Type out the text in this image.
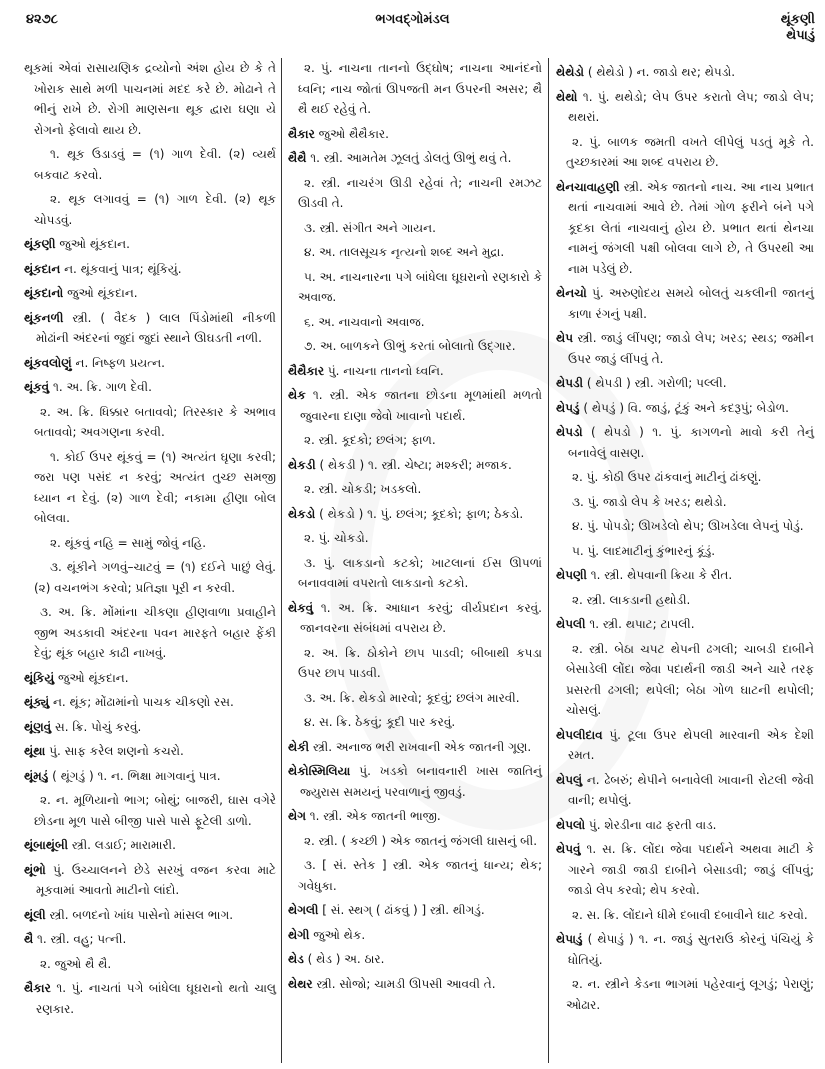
૪૨૭૮	ભગવદ્ગોમંડલ	થૂંકણી
થેપાડું
થૂકમાં એવાં રાસાયણિક દ્રવ્યોનો અંશ હોય છે કે તે ખોરાક સાથે મળી પાચનમાં મદદ કરે છે. મોઢાને તે ભીનું રાખે છે. રોગી માણસના થૂક દ્વારા ઘણા યે રોગનો ફેલાવો થાય છે.
૧. થૂક ઉડાડવું = (૧) ગાળ દેવી. (૨) વ્યર્થ બકવાટ કરવો.
૨. થૂક લગાવવું = (૧) ગાળ દેવી. (૨) થૂક ચોપડવું.
થૂંકણી જુઓ થૂંકદાન.
થૂંકદાન ન. થૂંકવાનું પાત્ર; થૂંકિયું.
થૂંકદાનો જુઓ થૂંકદાન.
થૂંકનળી સ્ત્રી. ( વૈદક ) લાલ પિંડોમાંથી નીકળી મોઢાંની અંદરનાં જુદાં જુદાં સ્થાને ઊઘડતી નળી.
થૂંકવલોણું ન. નિષ્ફળ પ્રયત્ન.
થૂંકવું ૧. અ. ક્રિ. ગાળ દેવી.
૨. અ. ક્રિ. ધિક્કાર બતાવવો; તિરસ્કાર કે અભાવ બતાવવો; અવગણના કરવી.
૧. કોઈ ઉપર થૂંકવું = (૧) અત્યંત ઘૃણા કરવી; જરા પણ પસંદ ન કરવું; અત્યંત તુચ્છ સમજી ધ્યાન ન દેવું. (૨) ગાળ દેવી; નકામા હીણા બોલ બોલવા.
૨. થૂંકવું નહિ = સામું જોવું નહિ.
૩. થૂંકીને ગળવું–ચાટવું = (૧) દઈને પાછું લેવું. (૨) વચનભંગ કરવો; પ્રતિજ્ઞા પૂરી ન કરવી.
૩. અ. ક્રિ. મોંમાંના ચીકણા હીણવાળા પ્રવાહીને જીભ અડકાવી અંદરના પવન મારફતે બહાર ફેંકી દેવું; થૂંક બહાર કાઢી નાખવું.
થૂંકિયું જુઓ થૂંકદાન.
થૂંક્યું ન. થૂંક; મોંઢામાંનો પાચક ચીકણો રસ.
થૂંણવું સ. ક્રિ. પોચું કરવું.
થૂંથા પું. સાફ કરેલ શણનો કચરો.
થૂંમડું ( થૂંગડું ) ૧. ન. ભિક્ષા માગવાનું પાત્ર.
૨. ન. મૂળિયાનો ભાગ; બોથું; બાજરી, ઘાસ વગેરે છોડના મૂળ પાસે બીજી પાસે પાસે ફૂટેલી ડાળો.
થૂંબાથૂંબી સ્ત્રી. લડાઈ; મારામારી.
થૂંભો પું. ઉચ્ચાલનને છેડે સરખું વજન કરવા માટે મૂકવામાં આવતો માટીનો લાંદો.
થૂંલી સ્ત્રી. બળદનો ખાંધ પાસેનો માંસલ ભાગ.
થૈ ૧. સ્ત્રી. વહુ; પત્ની.
૨. જુઓ થૈ થૈ.
થૈકાર ૧. પું. નાચતાં પગે બાંધેલા ઘૂઘરાનો થતો ચાલુ રણકાર.
૨. પું. નાચના તાનનો ઉદ્ઘોષ; નાચના આનંદનો ધ્વનિ; નાચ જોતાં ઊપજતી મન ઉપરની અસર; થૈ થૈ થઈ રહેવું તે.
થૈકાર જુઓ થૈથૈકાર.
થૈથૈ ૧. સ્ત્રી. આમતેમ ઝૂલતું ડોલતું ઊભું થવું તે.
૨. સ્ત્રી. નાચરંગ ઊડી રહેવાં તે; નાચની રમઝટ ઊડવી તે.
૩. સ્ત્રી. સંગીત અને ગાયન.
૪. અ. તાલસૂચક નૃત્યનો શબ્દ અને મુદ્રા.
૫. અ. નાચનારના પગે બાંધેલા ઘૂઘરાનો રણકારો કે અવાજ.
૬. અ. નાચવાનો અવાજ.
૭. અ. બાળકને ઊભું કરતાં બોલાતો ઉદ્ગાર.
થૈથૈકાર પું. નાચના તાનનો ધ્વનિ.
થેક ૧. સ્ત્રી. એક જાતના છોડના મૂળમાંથી મળતો જુવારના દાણા જેવો ખાવાનો પદાર્થ.
૨. સ્ત્રી. કૂદકો; છલંગ; ફાળ.
થેકડી ( થેકડી ) ૧. સ્ત્રી. ચેષ્ટા; મશ્કરી; મજાક.
૨. સ્ત્રી. ચોકડી; ખડકલો.
થેકડો ( થેકડો ) ૧. પું. છલંગ; કૂદકો; ફાળ; ઠેકડો.
૨. પું. ચોકડો.
૩. પું. લાકડાનો કટકો; ખાટલાનાં ઈસ ઊપળાં બનાવવામાં વપરાતો લાકડાનો કટકો.
થેકવું ૧. અ. ક્રિ. આધાન કરવું; વીર્યપ્રદાન કરવું. જાનવરના સંબંધમાં વપરાય છે.
૨. અ. ક્રિ. ઠોકોને છાપ પાડવી; બીબાથી કપડા ઉપર છાપ પાડવી.
૩. અ. ક્રિ. થેકડો મારવો; કૂદવું; છલંગ મારવી.
૪. સ. ક્રિ. ઠેકવું; કૂદી પાર કરવું.
થેકી સ્ત્રી. અનાજ ભરી રાખવાની એક જાતની ગૂણ.
થેકોસ્મિલિયા પું. ખડકો બનાવનારી ખાસ જાતિનું જ્યુરાસ સમયનું પરવાળાનું જીવડું.
થેગ ૧. સ્ત્રી. એક જાતની ભાજી.
૨. સ્ત્રી. ( કચ્છી ) એક જાતનું જંગલી ઘાસનું બી.
૩. [ સં. સ્તેક ] સ્ત્રી. એક જાતનું ધાન્ય; થેક; ગવેધુકા.
થેગલી [ સં. સ્થગ્ ( ઢાંકવું ) ] સ્ત્રી. થીગડું.
થેગી જુઓ થેક.
થેડ ( થેડ ) અ. ઠાર.
થેથર સ્ત્રી. સોજો; ચામડી ઊપસી આવવી તે.
થેથેડો ( થેથેડો ) ન. જાડો થર; થેપડો.
થેથો ૧. પું. થથેડો; લેપ ઉપર કરાતો લેપ; જાડો લેપ; થથરાં.
૨. પું. બાળક જમતી વખતે લીપેલું પડતું મૂકે તે. તુચ્છકારમાં આ શબ્દ વપરાય છે.
થેનચાવાહણી સ્ત્રી. એક જાતનો નાચ. આ નાચ પ્રભાત થતાં નાચવામાં આવે છે. તેમાં ગોળ ફરીને બંને પગે કૂદકા લેતાં નાચવાનું હોય છે. પ્રભાત થતાં થેનચા નામનું જંગલી પક્ષી બોલવા લાગે છે, તે ઉપરથી આ નામ પડેલું છે.
થેનચો પું. અરુણોદય સમયે બોલતું ચકલીની જાતનું કાળા રંગનું પક્ષી.
થેપ સ્ત્રી. જાડું લીંપણ; જાડો લેપ; ખરડ; સ્થડ; જમીન ઉપર જાડું લીંપવું તે.
થેપડી ( થેપડી ) સ્ત્રી. ગરોળી; પલ્લી.
થેપડું ( થેપડું ) વિ. જાડું, ટૂંકું અને કદરૂપું; બેડોળ.
થેપડો ( થેપડો ) ૧. પું. કાગળનો માવો કરી તેનું બનાવેલું વાસણ.
૨. પું. કોઠી ઉપર ઢાંકવાનું માટીનું ઢાંકણું.
૩. પું. જાડો લેપ કે ખરડ; થથેડો.
૪. પું. પોપડો; ઊખડેલો થેપ; ઊખડેલા લેપનું પોડું.
૫. પું. લાદમાટીનું કુંભારનું કૂંડું.
થેપણી ૧. સ્ત્રી. થેપવાની ક્રિયા કે રીત.
૨. સ્ત્રી. લાકડાની હથોડી.
થેપલી ૧. સ્ત્રી. થપાટ; ટાપલી.
૨. સ્ત્રી. બેઠા ચપટ થેપની ઢગલી; ચાબડી દાબીને બેસાડેલી લોંદા જેવા પદાર્થની જાડી અને ચારે તરફ પ્રસરતી ઢગલી; થપેલી; બેઠા ગોળ ઘાટની થપોલી; ચોસલું.
થેપલીદાવ પું. ટૂલા ઉપર થેપલી મારવાની એક દેશી રમત.
થેપલું ન. ઢેબરું; થેપીને બનાવેલી ખાવાની રોટલી જેવી વાની; થપોલું.
થેપલો પું. શેરડીના વાઢ ફરતી વાડ.
થેપવું ૧. સ. ક્રિ. લોંદા જેવા પદાર્થને અથવા માટી કે ગારને જાડી જાડી દાબીને બેસાડવી; જાડું લીંપવું; જાડો લેપ કરવો; થેપ કરવો.
૨. સ. ક્રિ. લોંદાને ધીમે દબાવી દબાવીને ઘાટ કરવો.
થેપાડું ( થેપાડું ) ૧. ન. જાડું સુતરાઉ કોરનું પંચિયું કે ધોતિયું.
૨. ન. સ્ત્રીને કેડના ભાગમાં પહેરવાનું લૂગડું; પેરાણું; ઓઢાર.
